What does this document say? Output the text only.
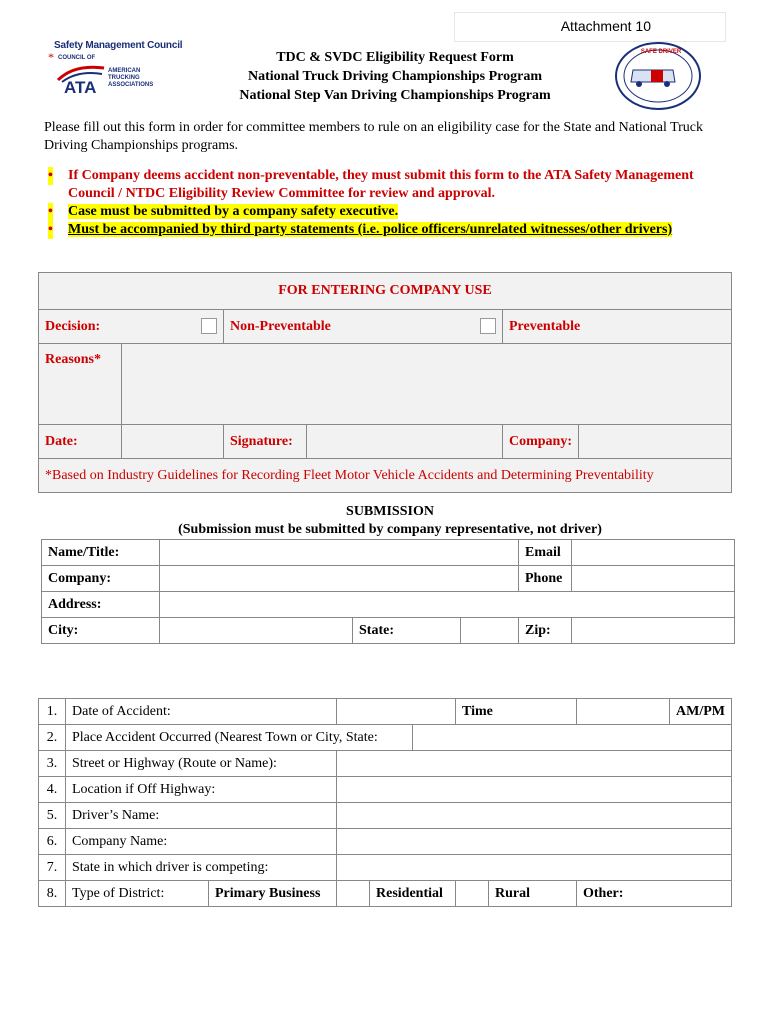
Attachment 10
Safety Management Council
* COUNCIL OF
ATA
AMERICAN
TRUCKING
ASSOCIATIONS
SAFE DRIVER
TDC & SVDC Eligibility Request Form
National Truck Driving Championships Program
National Step Van Driving Championships Program
Please fill out this form in order for committee members to rule on an eligibility case for the State and National Truck Driving Championships programs.
• If Company deems accident non-preventable, they must submit this form to the ATA Safety Management Council / NTDC Eligibility Review Committee for review and approval.
• Case must be submitted by a company safety executive.
• Must be accompanied by third party statements (i.e. police officers/unrelated witnesses/other drivers)
FOR ENTERING COMPANY USE						
Decision:		Non-Preventable			Preventable	
Reasons*						
Date:		Signature:			Company:	
*Based on Industry Guidelines for Recording Fleet Motor Vehicle Accidents and Determining Preventability						
SUBMISSION
(Submission must be submitted by company representative, not driver)
Name/Title:				Email	
Company:				Phone	
Address:					
City:		State:		Zip:	
1.	Date of Accident:					Time			AM/PM
2.	Place Accident Occurred (Nearest Town or City, State:								
3.	Street or Highway (Route or Name):								
4.	Location if Off Highway:								
5.	Driver’s Name:								
6.	Company Name:								
7.	State in which driver is competing:								
8.	Type of District:	Primary Business		Residential			Rural	Other:	
